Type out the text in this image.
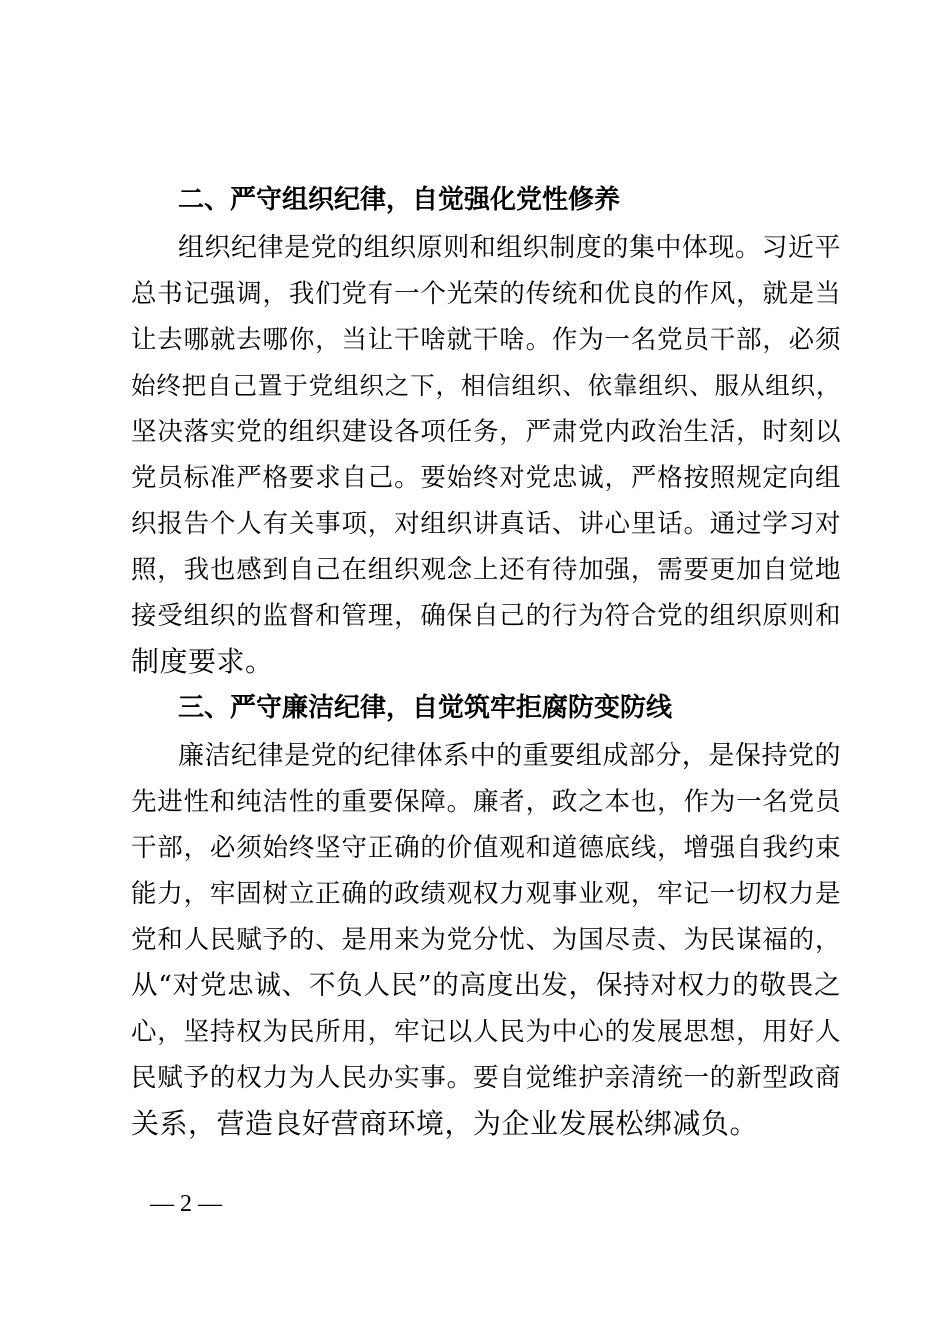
二、严守组织纪律，自觉强化党性修养
组织纪律是党的组织原则和组织制度的集中体现。习近平
总书记强调，我们党有一个光荣的传统和优良的作风，就是当
让去哪就去哪你，当让干啥就干啥。作为一名党员干部，必须
始终把自己置于党组织之下，相信组织、依靠组织、服从组织，
坚决落实党的组织建设各项任务，严肃党内政治生活，时刻以
党员标准严格要求自己。要始终对党忠诚，严格按照规定向组
织报告个人有关事项，对组织讲真话、讲心里话。通过学习对
照，我也感到自己在组织观念上还有待加强，需要更加自觉地
接受组织的监督和管理，确保自己的行为符合党的组织原则和
制度要求。
三、严守廉洁纪律，自觉筑牢拒腐防变防线
廉洁纪律是党的纪律体系中的重要组成部分，是保持党的
先进性和纯洁性的重要保障。廉者，政之本也，作为一名党员
干部，必须始终坚守正确的价值观和道德底线，增强自我约束
能力，牢固树立正确的政绩观权力观事业观，牢记一切权力是
党和人民赋予的、是用来为党分忧、为国尽责、为民谋福的，
从“对党忠诚、不负人民”的高度出发，保持对权力的敬畏之
心，坚持权为民所用，牢记以人民为中心的发展思想，用好人
民赋予的权力为人民办实事。要自觉维护亲清统一的新型政商
关系，营造良好营商环境，为企业发展松绑减负。
— 2 —
